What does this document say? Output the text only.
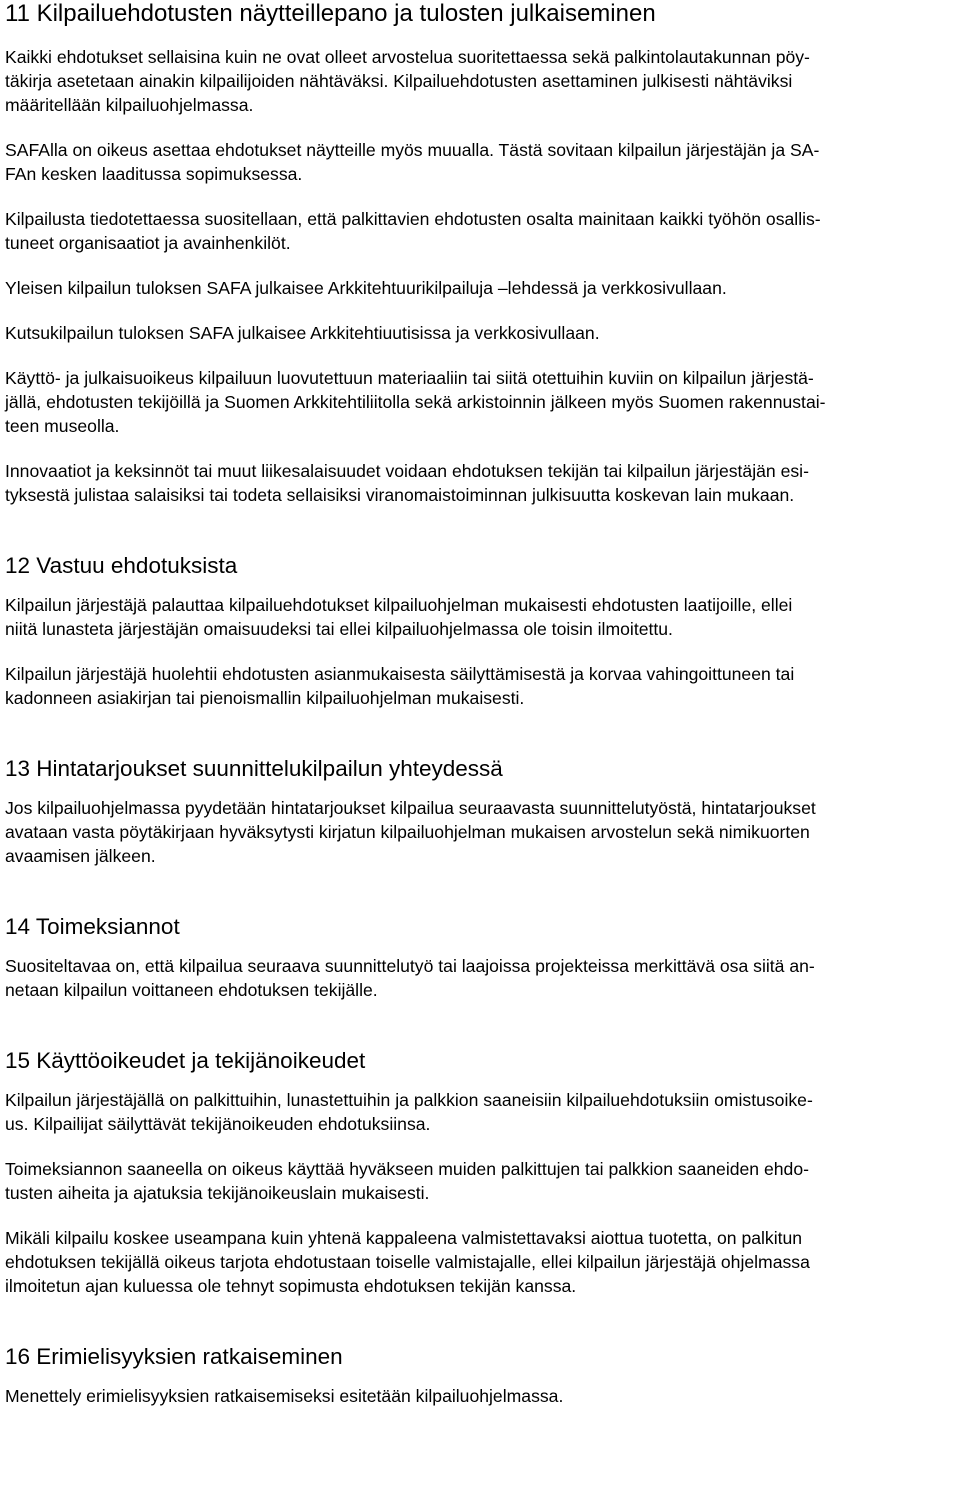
11 Kilpailuehdotusten näytteillepano ja tulosten julkaiseminen

Kaikki ehdotukset sellaisina kuin ne ovat olleet arvostelua suoritettaessa sekä palkintolautakunnan pöy-

täkirja asetetaan ainakin kilpailijoiden nähtäväksi. Kilpailuehdotusten asettaminen julkisesti nähtäviksi

määritellään kilpailuohjelmassa.

SAFAlla on oikeus asettaa ehdotukset näytteille myös muualla. Tästä sovitaan kilpailun järjestäjän ja SA-

FAn kesken laaditussa sopimuksessa.

Kilpailusta tiedotettaessa suositellaan, että palkittavien ehdotusten osalta mainitaan kaikki työhön osallis-

tuneet organisaatiot ja avainhenkilöt.

Yleisen kilpailun tuloksen SAFA julkaisee Arkkitehtuurikilpailuja –lehdessä ja verkkosivullaan.

Kutsukilpailun tuloksen SAFA julkaisee Arkkitehtiuutisissa ja verkkosivullaan.

Käyttö- ja julkaisuoikeus kilpailuun luovutettuun materiaaliin tai siitä otettuihin kuviin on kilpailun järjestä-

jällä, ehdotusten tekijöillä ja Suomen Arkkitehtiliitolla sekä arkistoinnin jälkeen myös Suomen rakennustai-

teen museolla.

Innovaatiot ja keksinnöt tai muut liikesalaisuudet voidaan ehdotuksen tekijän tai kilpailun järjestäjän esi-

tyksestä julistaa salaisiksi tai todeta sellaisiksi viranomaistoiminnan julkisuutta koskevan lain mukaan.

12 Vastuu ehdotuksista

Kilpailun järjestäjä palauttaa kilpailuehdotukset kilpailuohjelman mukaisesti ehdotusten laatijoille, ellei

niitä lunasteta järjestäjän omaisuudeksi tai ellei kilpailuohjelmassa ole toisin ilmoitettu.

Kilpailun järjestäjä huolehtii ehdotusten asianmukaisesta säilyttämisestä ja korvaa vahingoittuneen tai

kadonneen asiakirjan tai pienoismallin kilpailuohjelman mukaisesti.

13 Hintatarjoukset suunnittelukilpailun yhteydessä

Jos kilpailuohjelmassa pyydetään hintatarjoukset kilpailua seuraavasta suunnittelutyöstä, hintatarjoukset

avataan vasta pöytäkirjaan hyväksytysti kirjatun kilpailuohjelman mukaisen arvostelun sekä nimikuorten

avaamisen jälkeen.

14 Toimeksiannot

Suositeltavaa on, että kilpailua seuraava suunnittelutyö tai laajoissa projekteissa merkittävä osa siitä an-

netaan kilpailun voittaneen ehdotuksen tekijälle.

15 Käyttöoikeudet ja tekijänoikeudet

Kilpailun järjestäjällä on palkittuihin, lunastettuihin ja palkkion saaneisiin kilpailuehdotuksiin omistusoike-

us. Kilpailijat säilyttävät tekijänoikeuden ehdotuksiinsa.

Toimeksiannon saaneella on oikeus käyttää hyväkseen muiden palkittujen tai palkkion saaneiden ehdo-

tusten aiheita ja ajatuksia tekijänoikeuslain mukaisesti.

Mikäli kilpailu koskee useampana kuin yhtenä kappaleena valmistettavaksi aiottua tuotetta, on palkitun

ehdotuksen tekijällä oikeus tarjota ehdotustaan toiselle valmistajalle, ellei kilpailun järjestäjä ohjelmassa

ilmoitetun ajan kuluessa ole tehnyt sopimusta ehdotuksen tekijän kanssa.

16 Erimielisyyksien ratkaiseminen

Menettely erimielisyyksien ratkaisemiseksi esitetään kilpailuohjelmassa.
